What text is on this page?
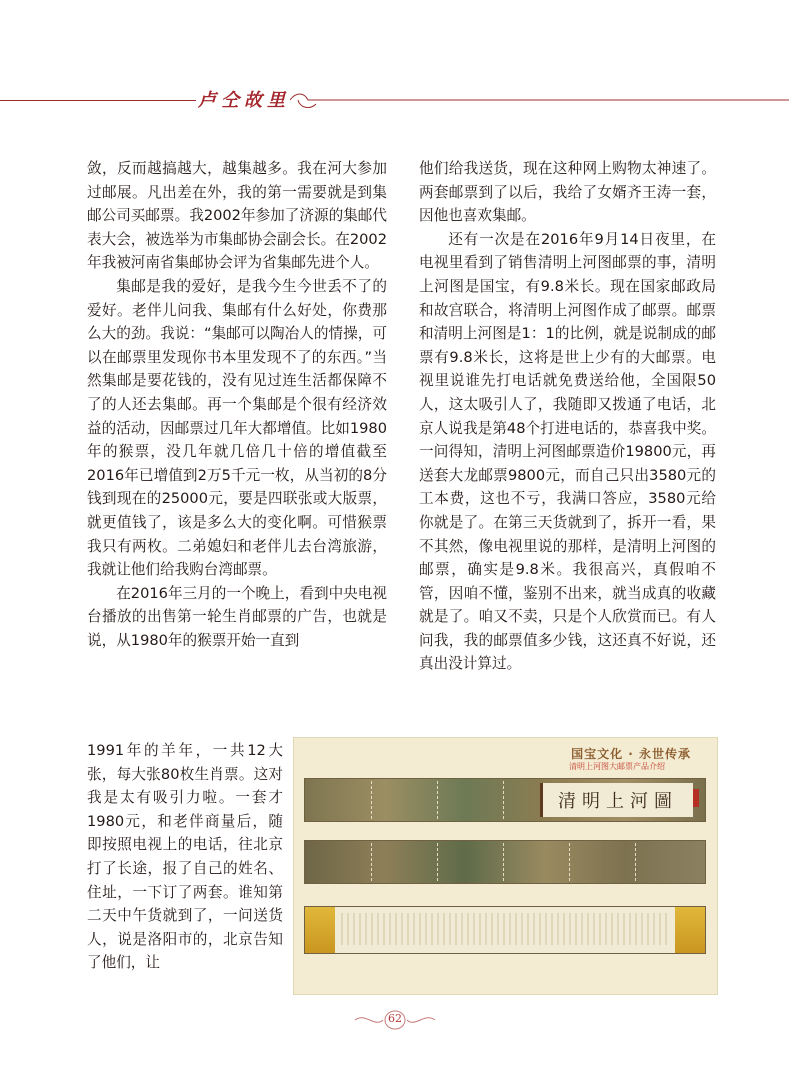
卢仝故里

敛，反而越搞越大，越集越多。我在河大参加过邮展。凡出差在外，我的第一需要就是到集邮公司买邮票。我2002年参加了济源的集邮代表大会，被选举为市集邮协会副会长。在2002年我被河南省集邮协会评为省集邮先进个人。

集邮是我的爱好，是我今生今世丢不了的爱好。老伴儿问我、集邮有什么好处，你费那么大的劲。我说：“集邮可以陶冶人的情操，可以在邮票里发现你书本里发现不了的东西。”当然集邮是要花钱的，没有见过连生活都保障不了的人还去集邮。再一个集邮是个很有经济效益的活动，因邮票过几年大都增值。比如1980年的猴票，没几年就几倍几十倍的增值截至2016年已增值到2万5千元一枚，从当初的8分钱到现在的25000元，要是四联张或大版票，就更值钱了，该是多么大的变化啊。可惜猴票我只有两枚。二弟媳妇和老伴儿去台湾旅游，我就让他们给我购台湾邮票。

在2016年三月的一个晚上，看到中央电视台播放的出售第一轮生肖邮票的广告，也就是说，从1980年的猴票开始一直到

1991年的羊年，一共12大张，每大张80枚生肖票。这对我是太有吸引力啦。一套才1980元，和老伴商量后，随即按照电视上的电话，往北京打了长途，报了自己的姓名、住址，一下订了两套。谁知第二天中午货就到了，一问送货人，说是洛阳市的，北京告知了他们，让

他们给我送货，现在这种网上购物太神速了。两套邮票到了以后，我给了女婿齐王涛一套，因他也喜欢集邮。

还有一次是在2016年9月14日夜里，在电视里看到了销售清明上河图邮票的事，清明上河图是国宝，有9.8米长。现在国家邮政局和故宫联合，将清明上河图作成了邮票。邮票和清明上河图是1：1的比例，就是说制成的邮票有9.8米长，这将是世上少有的大邮票。电视里说谁先打电话就免费送给他，全国限50人，这太吸引人了，我随即又拨通了电话，北京人说我是第48个打进电话的，恭喜我中奖。一问得知，清明上河图邮票造价19800元，再送套大龙邮票9800元，而自己只出3580元的工本费，这也不亏，我满口答应，3580元给你就是了。在第三天货就到了，拆开一看，果不其然，像电视里说的那样，是清明上河图的邮票，确实是9.8米。我很高兴，真假咱不管，因咱不懂，鉴别不出来，就当成真的收藏就是了。咱又不卖，只是个人欣赏而已。有人问我，我的邮票值多少钱，这还真不好说，还真出没计算过。

国宝文化 · 永世传承
清明上河图大邮票产品介绍
清明上河圖
62
